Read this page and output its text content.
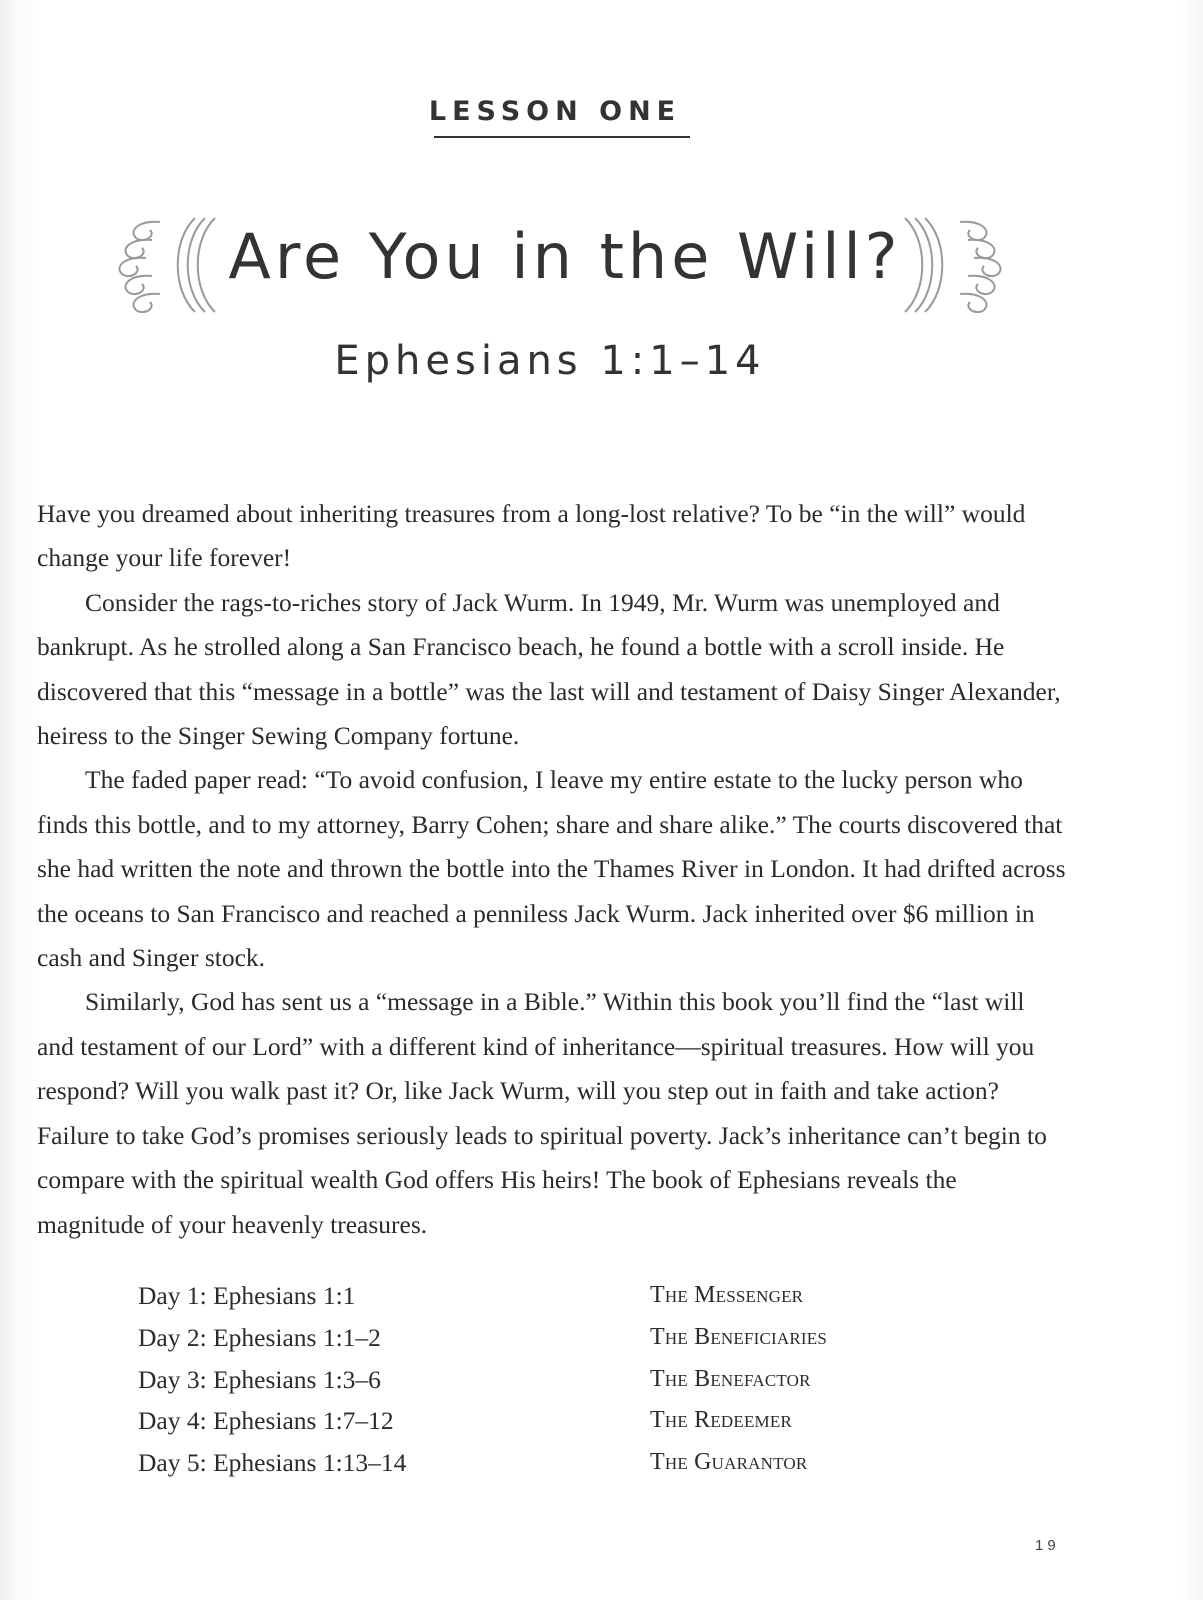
LESSON ONE
Are You in the Will?
Ephesians 1:1–14

Have you dreamed about inheriting treasures from a long-lost relative? To be “in the will” would change your life forever!

Consider the rags-to-riches story of Jack Wurm. In 1949, Mr. Wurm was unemployed and bankrupt. As he strolled along a San Francisco beach, he found a bottle with a scroll inside. He discovered that this “message in a bottle” was the last will and testament of Daisy Singer Alexander, heiress to the Singer Sewing Company fortune.

The faded paper read: “To avoid confusion, I leave my entire estate to the lucky person who finds this bottle, and to my attorney, Barry Cohen; share and share alike.” The courts discovered that she had written the note and thrown the bottle into the Thames River in London. It had drifted across the oceans to San Francisco and reached a penniless Jack Wurm. Jack inherited over $6 million in cash and Singer stock.

Similarly, God has sent us a “message in a Bible.” Within this book you’ll find the “last will and testament of our Lord” with a different kind of inheritance—spiritual treasures. How will you respond? Will you walk past it? Or, like Jack Wurm, will you step out in faith and take action? Failure to take God’s promises seriously leads to spiritual poverty. Jack’s inheritance can’t begin to compare with the spiritual wealth God offers His heirs! The book of Ephesians reveals the magnitude of your heavenly treasures.

Day 1: Ephesians 1:1	The Messenger
Day 2: Ephesians 1:1–2	The Beneficiaries
Day 3: Ephesians 1:3–6	The Benefactor
Day 4: Ephesians 1:7–12	The Redeemer
Day 5: Ephesians 1:13–14	The Guarantor
19
